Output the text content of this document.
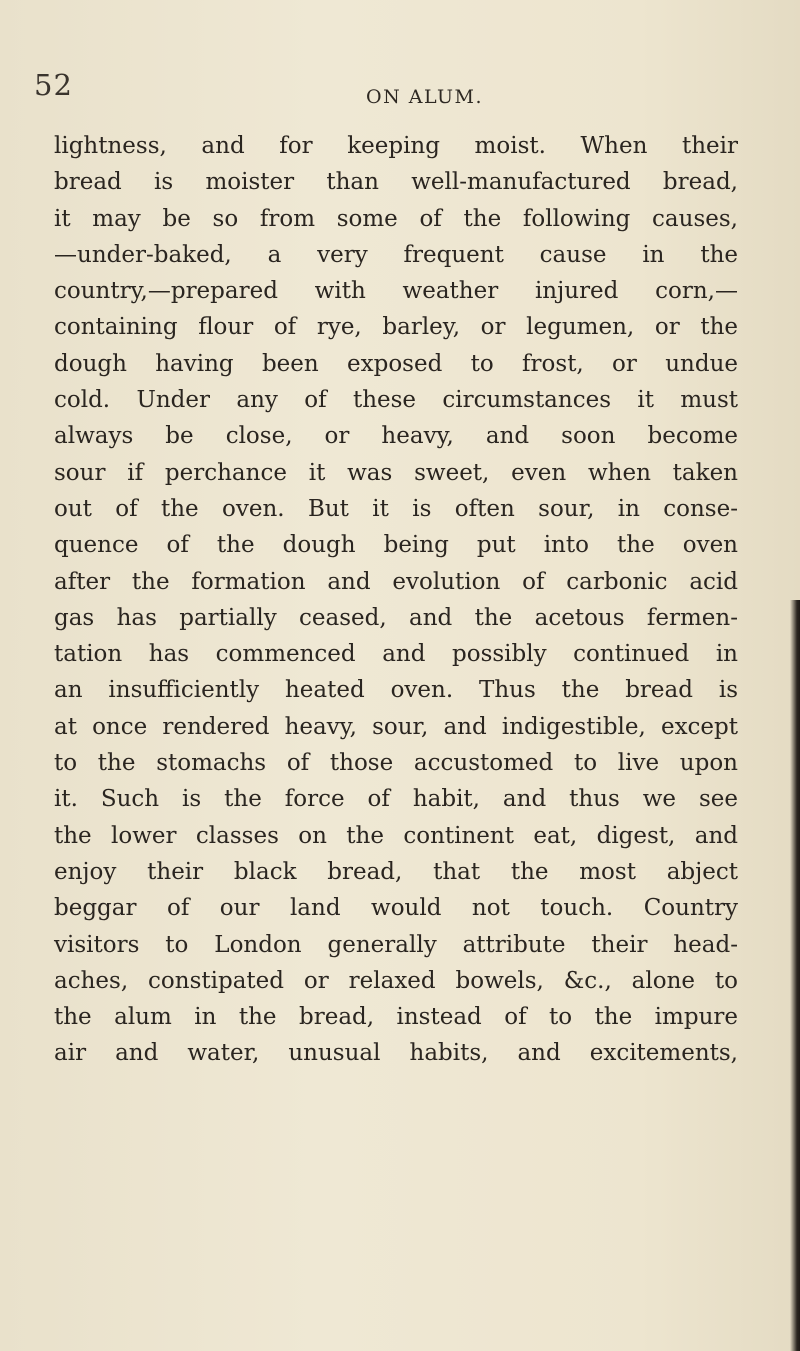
52	ON ALUM.
lightness, and for keeping moist. When their
bread is moister than well-manufactured bread,
it may be so from some of the following causes,
—under-baked, a very frequent cause in the
country,—prepared with weather injured corn,—
containing flour of rye, barley, or legumen, or the
dough having been exposed to frost, or undue
cold. Under any of these circumstances it must
always be close, or heavy, and soon become
sour if perchance it was sweet, even when taken
out of the oven. But it is often sour, in conse-
quence of the dough being put into the oven
after the formation and evolution of carbonic acid
gas has partially ceased, and the acetous fermen-
tation has commenced and possibly continued in
an insufficiently heated oven. Thus the bread is
at once rendered heavy, sour, and indigestible, except
to the stomachs of those accustomed to live upon
it. Such is the force of habit, and thus we see
the lower classes on the continent eat, digest, and
enjoy their black bread, that the most abject
beggar of our land would not touch. Country
visitors to London generally attribute their head-
aches, constipated or relaxed bowels, &c., alone to
the alum in the bread, instead of to the impure
air and water, unusual habits, and excitements,
